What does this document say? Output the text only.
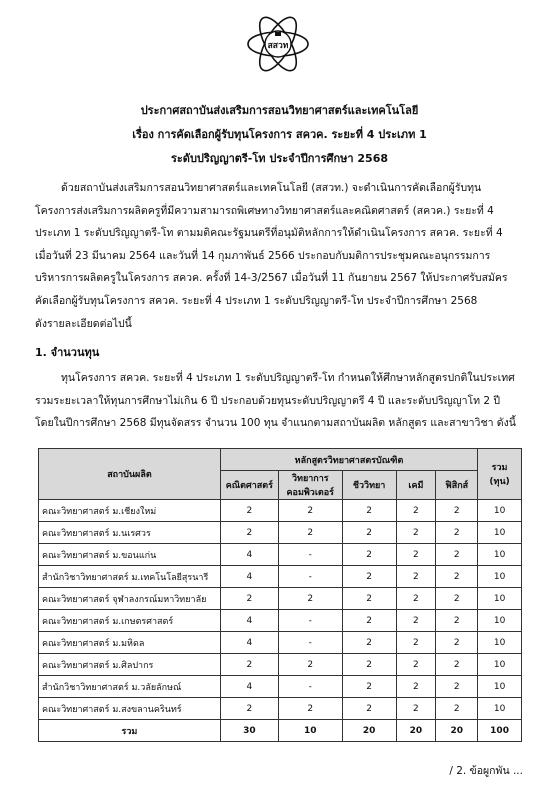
สสวท
ประกาศสถาบันส่งเสริมการสอนวิทยาศาสตร์และเทคโนโลยี
เรื่อง การคัดเลือกผู้รับทุนโครงการ สควค. ระยะที่ 4 ประเภท 1
ระดับปริญญาตรี-โท ประจำปีการศึกษา 2568
ด้วยสถาบันส่งเสริมการสอนวิทยาศาสตร์และเทคโนโลยี (สสวท.) จะดำเนินการคัดเลือกผู้รับทุน
โครงการส่งเสริมการผลิตครูที่มีความสามารถพิเศษทางวิทยาศาสตร์และคณิตศาสตร์ (สควค.) ระยะที่ 4
ประเภท 1 ระดับปริญญาตรี-โท ตามมติคณะรัฐมนตรีที่อนุมัติหลักการให้ดำเนินโครงการ สควค. ระยะที่ 4
เมื่อวันที่ 23 มีนาคม 2564 และวันที่ 14 กุมภาพันธ์ 2566 ประกอบกับมติการประชุมคณะอนุกรรมการ
บริหารการผลิตครูในโครงการ สควค. ครั้งที่ 14-3/2567 เมื่อวันที่ 11 กันยายน 2567 ให้ประกาศรับสมัคร
คัดเลือกผู้รับทุนโครงการ สควค. ระยะที่ 4 ประเภท 1 ระดับปริญญาตรี-โท ประจำปีการศึกษา 2568
ดังรายละเอียดต่อไปนี้
1. จำนวนทุน
ทุนโครงการ สควค. ระยะที่ 4 ประเภท 1 ระดับปริญญาตรี-โท กำหนดให้ศึกษาหลักสูตรปกติในประเทศ
รวมระยะเวลาให้ทุนการศึกษาไม่เกิน 6 ปี ประกอบด้วยทุนระดับปริญญาตรี 4 ปี และระดับปริญญาโท 2 ปี
โดยในปีการศึกษา 2568 มีทุนจัดสรร จำนวน 100 ทุน จำแนกตามสถาบันผลิต หลักสูตร และสาขาวิชา ดังนี้
สถาบันผลิต	หลักสูตรวิทยาศาสตรบัณฑิต					รวม (ทุน)
	คณิตศาสตร์	วิทยาการคอมพิวเตอร์	ชีววิทยา	เคมี	ฟิสิกส์	
คณะวิทยาศาสตร์ ม.เชียงใหม่	2	2	2	2	2	10
คณะวิทยาศาสตร์ ม.นเรศวร	2	2	2	2	2	10
คณะวิทยาศาสตร์ ม.ขอนแก่น	4	-	2	2	2	10
สำนักวิชาวิทยาศาสตร์ ม.เทคโนโลยีสุรนารี	4	-	2	2	2	10
คณะวิทยาศาสตร์ จุฬาลงกรณ์มหาวิทยาลัย	2	2	2	2	2	10
คณะวิทยาศาสตร์ ม.เกษตรศาสตร์	4	-	2	2	2	10
คณะวิทยาศาสตร์ ม.มหิดล	4	-	2	2	2	10
คณะวิทยาศาสตร์ ม.ศิลปากร	2	2	2	2	2	10
สำนักวิชาวิทยาศาสตร์ ม.วลัยลักษณ์	4	-	2	2	2	10
คณะวิทยาศาสตร์ ม.สงขลานครินทร์	2	2	2	2	2	10
รวม	30	10	20	20	20	100
/ 2. ข้อผูกพัน ...
